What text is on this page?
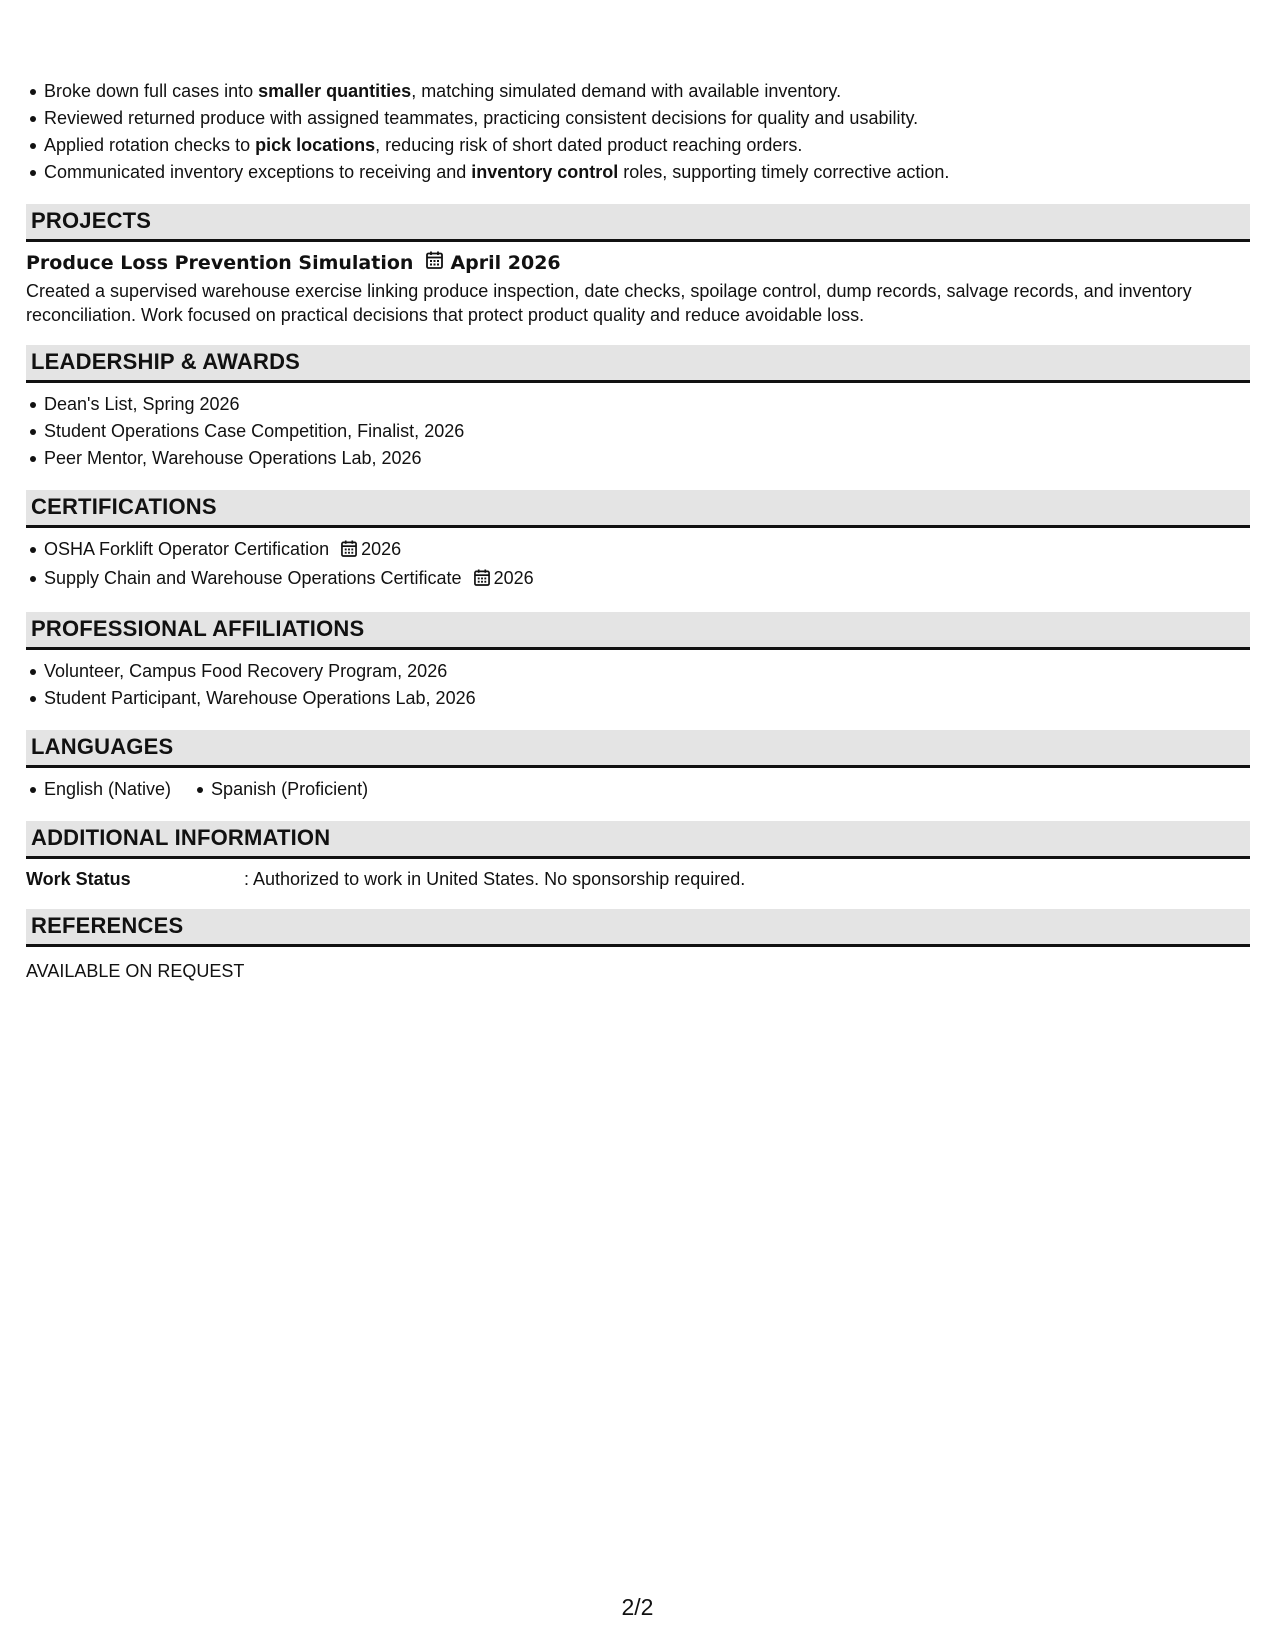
Broke down full cases into smaller quantities, matching simulated demand with available inventory.
Reviewed returned produce with assigned teammates, practicing consistent decisions for quality and usability.
Applied rotation checks to pick locations, reducing risk of short dated product reaching orders.
Communicated inventory exceptions to receiving and inventory control roles, supporting timely corrective action.
PROJECTS
Produce Loss Prevention Simulation April 2026
Created a supervised warehouse exercise linking produce inspection, date checks, spoilage control, dump records, salvage records, and inventory reconciliation. Work focused on practical decisions that protect product quality and reduce avoidable loss.
LEADERSHIP & AWARDS
Dean's List, Spring 2026
Student Operations Case Competition, Finalist, 2026
Peer Mentor, Warehouse Operations Lab, 2026
CERTIFICATIONS
OSHA Forklift Operator Certification 2026
Supply Chain and Warehouse Operations Certificate 2026
PROFESSIONAL AFFILIATIONS
Volunteer, Campus Food Recovery Program, 2026
Student Participant, Warehouse Operations Lab, 2026
LANGUAGES
English (Native) Spanish (Proficient)
ADDITIONAL INFORMATION
Work Status	: Authorized to work in United States. No sponsorship required.
REFERENCES
AVAILABLE ON REQUEST
2/2
